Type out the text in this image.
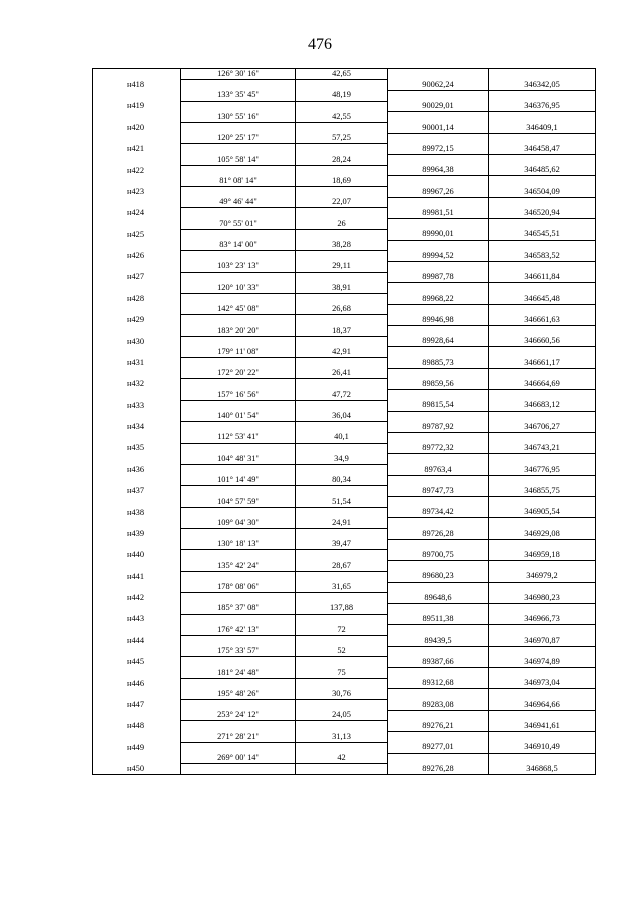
476
	126° 30' 16"	42,65		
н418			90062,24	346342,05
	133° 35' 45"	48,19		
н419			90029,01	346376,95
	130° 55' 16"	42,55		
н420			90001,14	346409,1
	120° 25' 17"	57,25		
н421			89972,15	346458,47
	105° 58' 14"	28,24		
н422			89964,38	346485,62
	81° 08' 14"	18,69		
н423			89967,26	346504,09
	49° 46' 44"	22,07		
н424			89981,51	346520,94
	70° 55' 01"	26		
н425			89990,01	346545,51
	83° 14' 00"	38,28		
н426			89994,52	346583,52
	103° 23' 13"	29,11		
н427			89987,78	346611,84
	120° 10' 33"	38,91		
н428			89968,22	346645,48
	142° 45' 08"	26,68		
н429			89946,98	346661,63
	183° 20' 20"	18,37		
н430			89928,64	346660,56
	179° 11' 08"	42,91		
н431			89885,73	346661,17
	172° 20' 22"	26,41		
н432			89859,56	346664,69
	157° 16' 56"	47,72		
н433			89815,54	346683,12
	140° 01' 54"	36,04		
н434			89787,92	346706,27
	112° 53' 41"	40,1		
н435			89772,32	346743,21
	104° 48' 31"	34,9		
н436			89763,4	346776,95
	101° 14' 49"	80,34		
н437			89747,73	346855,75
	104° 57' 59"	51,54		
н438			89734,42	346905,54
	109° 04' 30"	24,91		
н439			89726,28	346929,08
	130° 18' 13"	39,47		
н440			89700,75	346959,18
	135° 42' 24"	28,67		
н441			89680,23	346979,2
	178° 08' 06"	31,65		
н442			89648,6	346980,23
	185° 37' 08"	137,88		
н443			89511,38	346966,73
	176° 42' 13"	72		
н444			89439,5	346970,87
	175° 33' 57"	52		
н445			89387,66	346974,89
	181° 24' 48"	75		
н446			89312,68	346973,04
	195° 48' 26"	30,76		
н447			89283,08	346964,66
	253° 24' 12"	24,05		
н448			89276,21	346941,61
	271° 28' 21"	31,13		
н449			89277,01	346910,49
	269° 00' 14"	42		
н450			89276,28	346868,5
